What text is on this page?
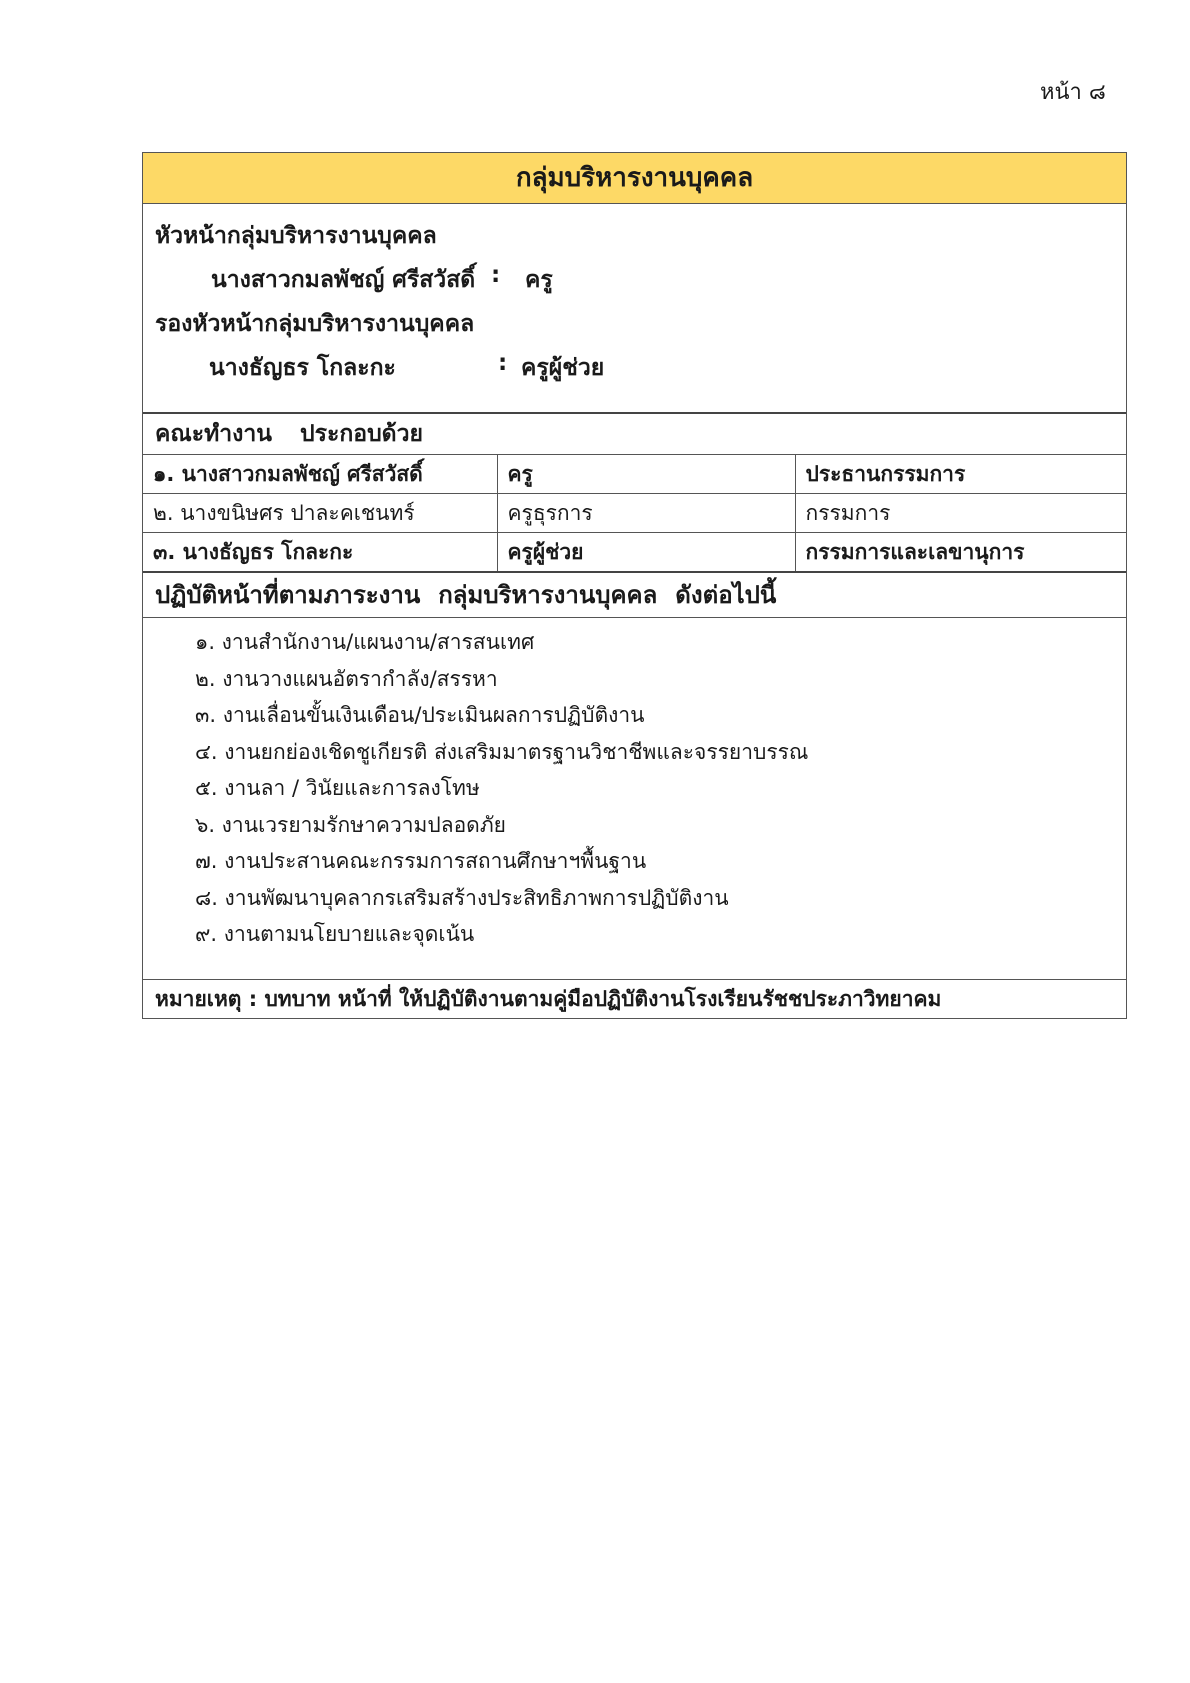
หน้า ๘
กลุ่มบริหารงานบุคคล
หัวหน้ากลุ่มบริหารงานบุคคล
นางสาวกมลพัชญ์ ศรีสวัสดิ์ : ครู
รองหัวหน้ากลุ่มบริหารงานบุคคล
นางธัญธร โกละกะ	: ครูผู้ช่วย
คณะทำงาน ประกอบด้วย
๑. นางสาวกมลพัชญ์ ศรีสวัสดิ์	ครู	ประธานกรรมการ
๒. นางขนิษศร ปาละคเชนทร์	ครูธุรการ	กรรมการ
๓. นางธัญธร โกละกะ	ครูผู้ช่วย	กรรมการและเลขานุการ
ปฏิบัติหน้าที่ตามภาระงาน กลุ่มบริหารงานบุคคล ดังต่อไปนี้
๑. งานสำนักงาน/แผนงาน/สารสนเทศ
๒. งานวางแผนอัตรากำลัง/สรรหา
๓. งานเลื่อนขั้นเงินเดือน/ประเมินผลการปฏิบัติงาน
๔. งานยกย่องเชิดชูเกียรติ ส่งเสริมมาตรฐานวิชาชีพและจรรยาบรรณ
๕. งานลา / วินัยและการลงโทษ
๖. งานเวรยามรักษาความปลอดภัย
๗. งานประสานคณะกรรมการสถานศึกษาฯพื้นฐาน
๘. งานพัฒนาบุคลากรเสริมสร้างประสิทธิภาพการปฏิบัติงาน
๙. งานตามนโยบายและจุดเน้น
หมายเหตุ : บทบาท หน้าที่ ให้ปฏิบัติงานตามคู่มือปฏิบัติงานโรงเรียนรัชชประภาวิทยาคม
